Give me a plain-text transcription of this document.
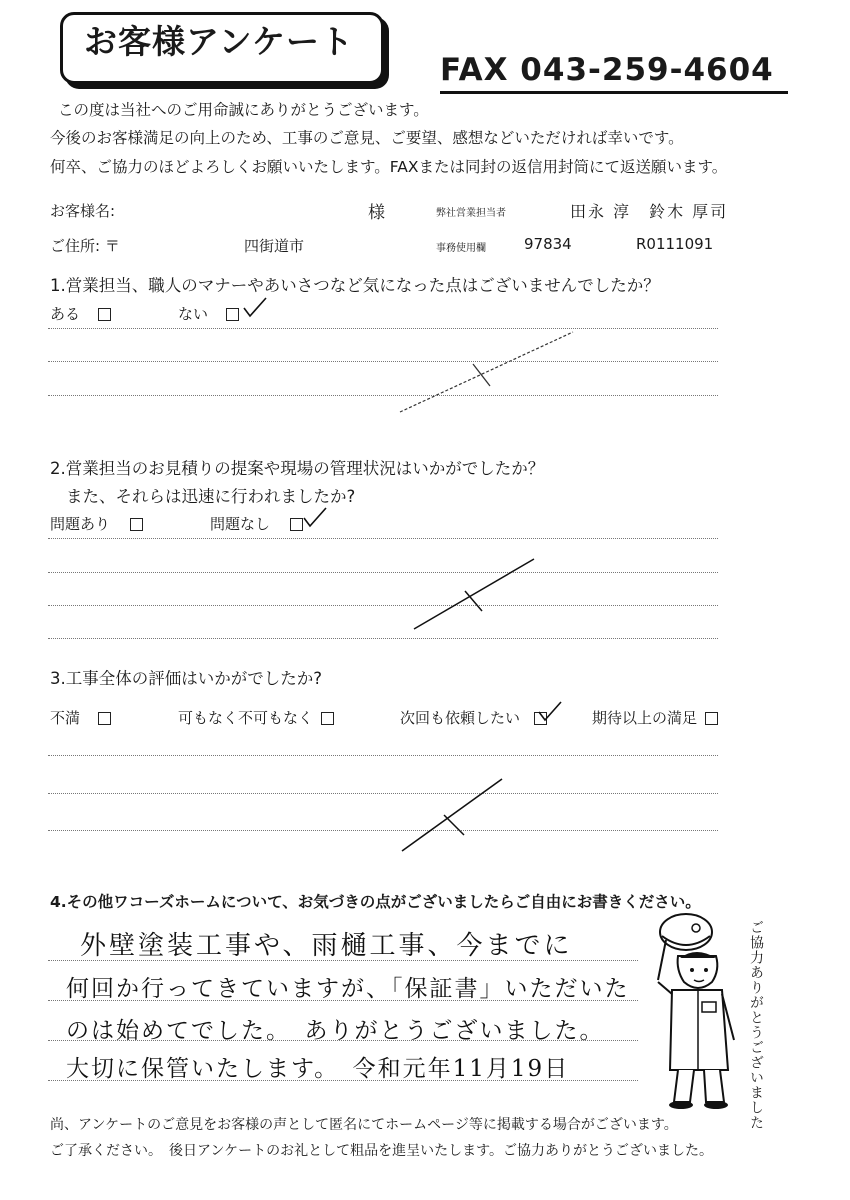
お客様アンケート
FAX 043-259-4604
この度は当社へのご用命誠にありがとうございます。
今後のお客様満足の向上のため、工事のご意見、ご要望、感想などいただければ幸いです。
何卒、ご協力のほどよろしくお願いいたします。FAXまたは同封の返信用封筒にて返送願います。
お客様名:	様	弊社営業担当者	田永 淳　鈴木 厚司
ご住所: 〒	四街道市	事務使用欄	97834	R0111091
1.営業担当、職人のマナーやあいさつなど気になった点はございませんでしたか？
ある	ない
2.営業担当のお見積りの提案や現場の管理状況はいかがでしたか？
また、それらは迅速に行われましたか?
問題あり	問題なし
3.工事全体の評価はいかがでしたか?
不満	可もなく不可もなく	次回も依頼したい	期待以上の満足
4.その他ワコーズホームについて、お気づきの点がございましたらご自由にお書きください。
外壁塗装工事や、雨樋工事、今までに
何回か行ってきていますが、「保証書」いただいた
のは始めてでした。　ありがとうございました。
大切に保管いたします。　令和元年11月19日	ご協力ありがとうございました
尚、アンケートのご意見をお客様の声として匿名にてホームページ等に掲載する場合がございます。
ご了承ください。　後日アンケートのお礼として粗品を進呈いたします。ご協力ありがとうございました。
